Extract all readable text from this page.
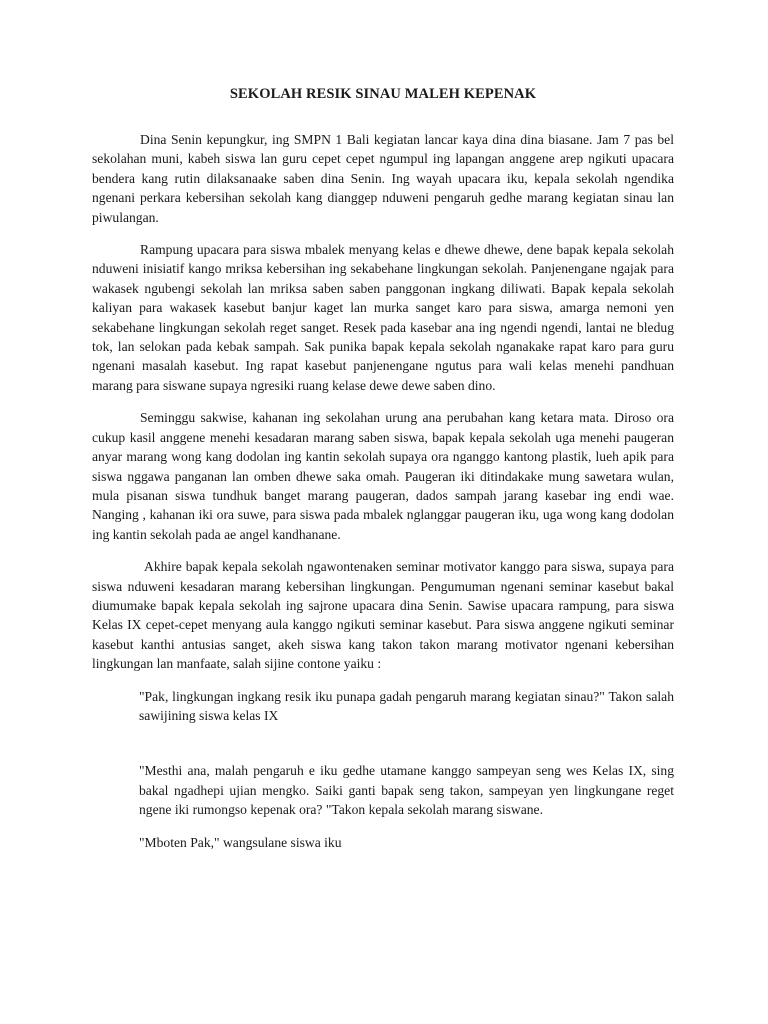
SEKOLAH RESIK SINAU MALEH KEPENAK

Dina Senin kepungkur, ing SMPN 1 Bali kegiatan lancar kaya dina dina biasane. Jam 7 pas bel sekolahan muni, kabeh siswa lan guru cepet cepet ngumpul ing lapangan anggene arep ngikuti upacara bendera kang rutin dilaksanaake saben dina Senin. Ing wayah upacara iku, kepala sekolah ngendika ngenani perkara kebersihan sekolah kang dianggep nduweni pengaruh gedhe marang kegiatan sinau lan piwulangan.

Rampung upacara para siswa mbalek menyang kelas e dhewe dhewe, dene bapak kepala sekolah nduweni inisiatif kango mriksa kebersihan ing sekabehane lingkungan sekolah. Panjenengane ngajak para wakasek ngubengi sekolah lan mriksa saben saben panggonan ingkang diliwati. Bapak kepala sekolah kaliyan para wakasek kasebut banjur kaget lan murka sanget karo para siswa, amarga nemoni yen sekabehane lingkungan sekolah reget sanget. Resek pada kasebar ana ing ngendi ngendi, lantai ne bledug tok, lan selokan pada kebak sampah. Sak punika bapak kepala sekolah nganakake rapat karo para guru ngenani masalah kasebut. Ing rapat kasebut panjenengane ngutus para wali kelas menehi pandhuan marang para siswane supaya ngresiki ruang kelase dewe dewe saben dino.

Seminggu sakwise, kahanan ing sekolahan urung ana perubahan kang ketara mata. Diroso ora cukup kasil anggene menehi kesadaran marang saben siswa, bapak kepala sekolah uga menehi paugeran anyar marang wong kang dodolan ing kantin sekolah supaya ora nganggo kantong plastik, lueh apik para siswa nggawa panganan lan omben dhewe saka omah. Paugeran iki ditindakake mung sawetara wulan, mula pisanan siswa tundhuk banget marang paugeran, dados sampah jarang kasebar ing endi wae. Nanging , kahanan iki ora suwe, para siswa pada mbalek nglanggar paugeran iku, uga wong kang dodolan ing kantin sekolah pada ae angel kandhanane.

Akhire bapak kepala sekolah ngawontenaken seminar motivator kanggo para siswa, supaya para siswa nduweni kesadaran marang kebersihan lingkungan. Pengumuman ngenani seminar kasebut bakal diumumake bapak kepala sekolah ing sajrone upacara dina Senin. Sawise upacara rampung, para siswa Kelas IX cepet-cepet menyang aula kanggo ngikuti seminar kasebut. Para siswa anggene ngikuti seminar kasebut kanthi antusias sanget, akeh siswa kang takon takon marang motivator ngenani kebersihan lingkungan lan manfaate, salah sijine contone yaiku :

"Pak, lingkungan ingkang resik iku punapa gadah pengaruh marang kegiatan sinau?" Takon salah sawijining siswa kelas IX

"Mesthi ana, malah pengaruh e iku gedhe utamane kanggo sampeyan seng wes Kelas IX, sing bakal ngadhepi ujian mengko. Saiki ganti bapak seng takon, sampeyan yen lingkungane reget ngene iki rumongso kepenak ora? "Takon kepala sekolah marang siswane.

"Mboten Pak," wangsulane siswa iku
